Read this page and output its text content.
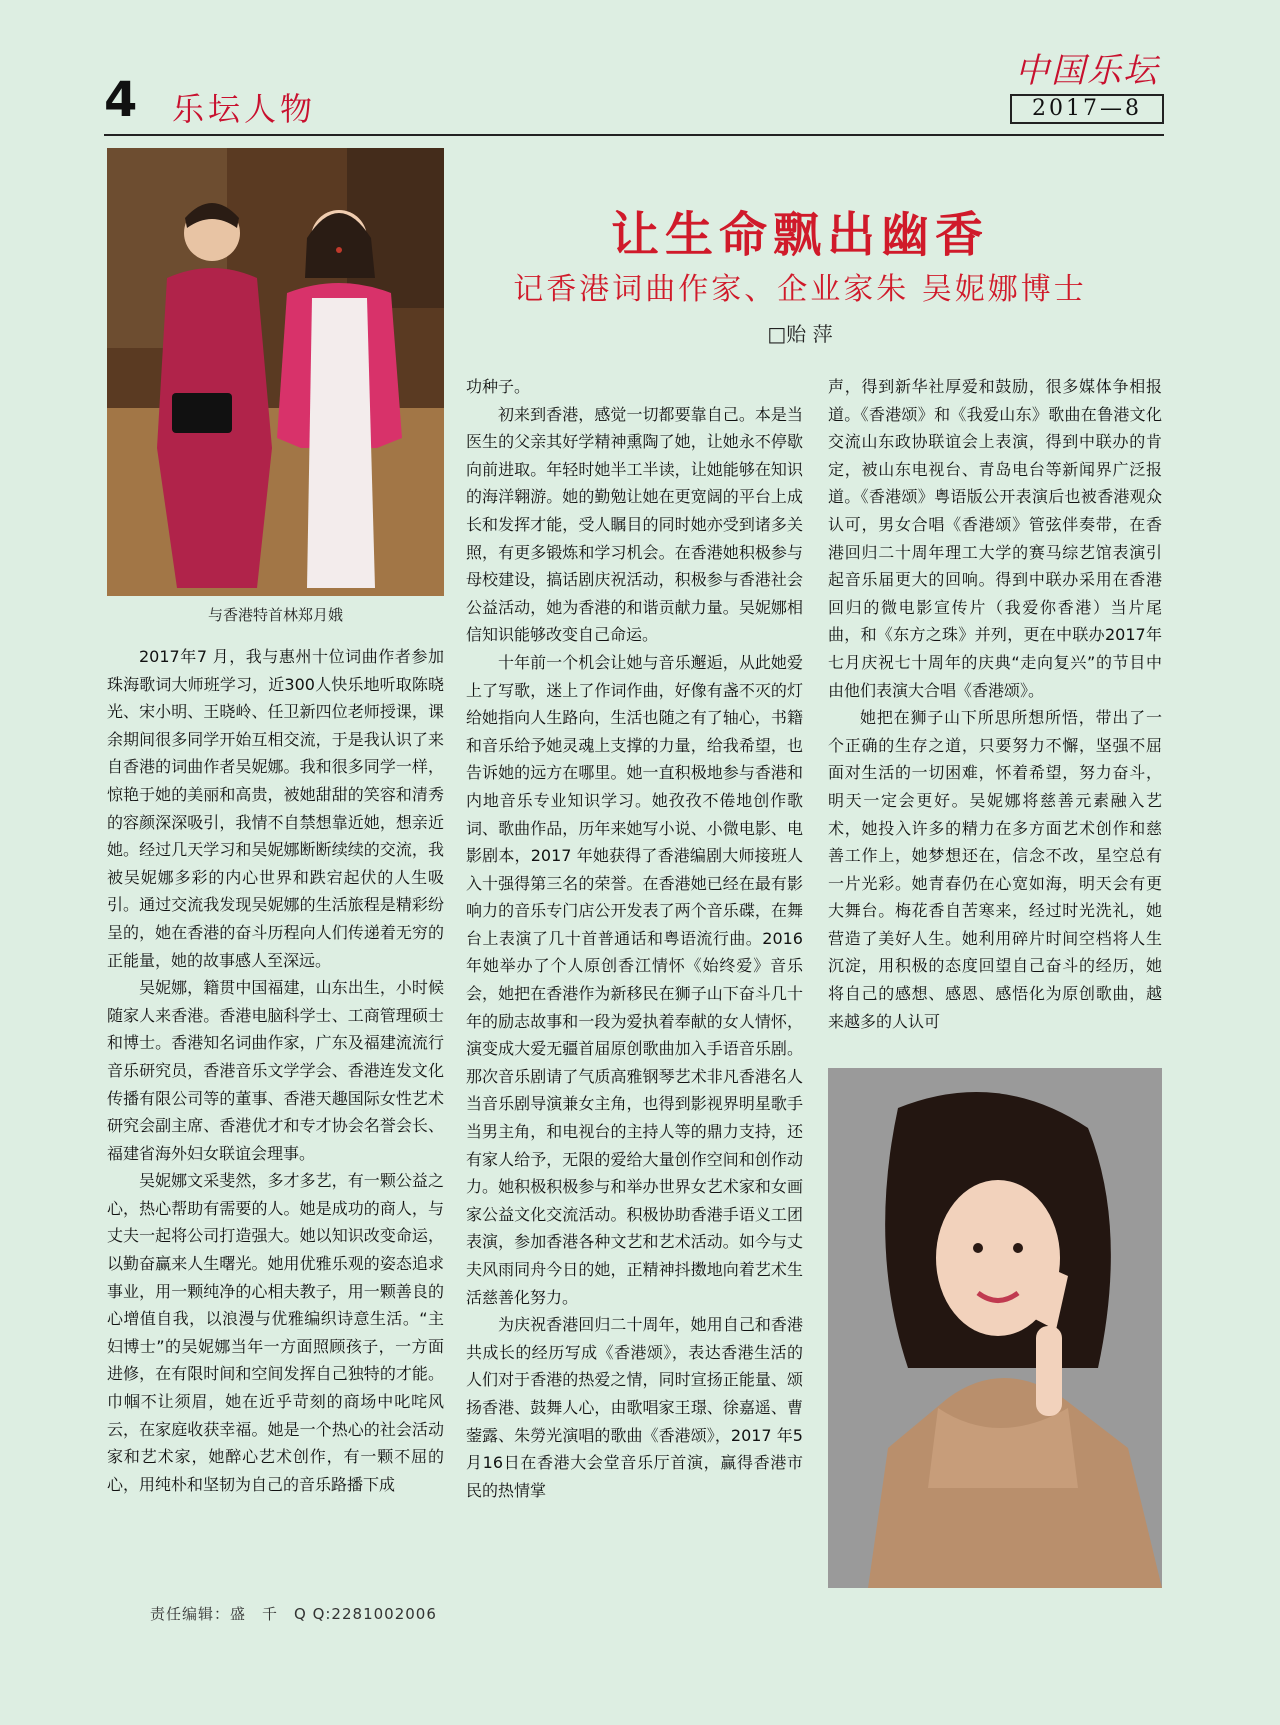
4 乐坛人物
中国乐坛
2017—8
与香港特首林郑月娥
让生命飘出幽香
记香港词曲作家、企业家朱 吴妮娜博士
□贻 萍

2017年7 月，我与惠州十位词曲作者参加珠海歌词大师班学习，近300人快乐地听取陈晓光、宋小明、王晓岭、任卫新四位老师授课，课余期间很多同学开始互相交流，于是我认识了来自香港的词曲作者吴妮娜。我和很多同学一样，惊艳于她的美丽和高贵，被她甜甜的笑容和清秀的容颜深深吸引，我情不自禁想靠近她，想亲近她。经过几天学习和吴妮娜断断续续的交流，我被吴妮娜多彩的内心世界和跌宕起伏的人生吸引。通过交流我发现吴妮娜的生活旅程是精彩纷呈的，她在香港的奋斗历程向人们传递着无穷的正能量，她的故事感人至深远。

吴妮娜，籍贯中国福建，山东出生，小时候随家人来香港。香港电脑科学士、工商管理硕士和博士。香港知名词曲作家，广东及福建流流行音乐研究员，香港音乐文学学会、香港连发文化传播有限公司等的董事、香港天趣国际女性艺术研究会副主席、香港优才和专才协会名誉会长、福建省海外妇女联谊会理事。

吴妮娜文采斐然，多才多艺，有一颗公益之心，热心帮助有需要的人。她是成功的商人，与丈夫一起将公司打造强大。她以知识改变命运，以勤奋赢来人生曙光。她用优雅乐观的姿态追求事业，用一颗纯净的心相夫教子，用一颗善良的心增值自我，以浪漫与优雅编织诗意生活。“主妇博士”的吴妮娜当年一方面照顾孩子，一方面进修，在有限时间和空间发挥自己独特的才能。巾帼不让须眉，她在近乎苛刻的商场中叱咤风云，在家庭收获幸福。她是一个热心的社会活动家和艺术家，她醉心艺术创作，有一颗不屈的心，用纯朴和坚韧为自己的音乐路播下成

功种子。

初来到香港，感觉一切都要靠自己。本是当医生的父亲其好学精神熏陶了她，让她永不停歇向前进取。年轻时她半工半读，让她能够在知识的海洋翱游。她的勤勉让她在更宽阔的平台上成长和发挥才能，受人瞩目的同时她亦受到诸多关照，有更多锻炼和学习机会。在香港她积极参与母校建设，搞话剧庆祝活动，积极参与香港社会公益活动，她为香港的和谐贡献力量。吴妮娜相信知识能够改变自己命运。

十年前一个机会让她与音乐邂逅，从此她爱上了写歌，迷上了作词作曲，好像有盏不灭的灯给她指向人生路向，生活也随之有了轴心，书籍和音乐给予她灵魂上支撑的力量，给我希望，也告诉她的远方在哪里。她一直积极地参与香港和内地音乐专业知识学习。她孜孜不倦地创作歌词、歌曲作品，历年来她写小说、小微电影、电影剧本，2017 年她获得了香港编剧大师接班人入十强得第三名的荣誉。在香港她已经在最有影响力的音乐专门店公开发表了两个音乐碟，在舞台上表演了几十首普通话和粤语流行曲。2016年她举办了个人原创香江情怀《始终爱》音乐会，她把在香港作为新移民在狮子山下奋斗几十年的励志故事和一段为爱执着奉献的女人情怀，演变成大爱无疆首届原创歌曲加入手语音乐剧。那次音乐剧请了气质高雅钢琴艺术非凡香港名人当音乐剧导演兼女主角，也得到影视界明星歌手当男主角，和电视台的主持人等的鼎力支持，还有家人给予，无限的爱给大量创作空间和创作动力。她积极积极参与和举办世界女艺术家和女画家公益文化交流活动。积极协助香港手语义工团表演，参加香港各种文艺和艺术活动。如今与丈夫风雨同舟今日的她，正精神抖擞地向着艺术生活慈善化努力。

为庆祝香港回归二十周年，她用自己和香港共成长的经历写成《香港颂》，表达香港生活的人们对于香港的热爱之情，同时宣扬正能量、颂扬香港、鼓舞人心，由歌唱家王璟、徐嘉遥、曹蓥露、朱勞光演唱的歌曲《香港颂》，2017 年5月16日在香港大会堂音乐厅首演，赢得香港市民的热情掌

声，得到新华社厚爱和鼓励，很多媒体争相报道。《香港颂》和《我爱山东》歌曲在鲁港文化交流山东政协联谊会上表演，得到中联办的肯定，被山东电视台、青岛电台等新闻界广泛报道。《香港颂》粤语版公开表演后也被香港观众认可，男女合唱《香港颂》管弦伴奏带，在香港回归二十周年理工大学的赛马综艺馆表演引起音乐届更大的回响。得到中联办采用在香港回归的微电影宣传片（我爱你香港）当片尾曲，和《东方之珠》并列，更在中联办2017年七月庆祝七十周年的庆典“走向复兴”的节目中由他们表演大合唱《香港颂》。

她把在狮子山下所思所想所悟，带出了一个正确的生存之道，只要努力不懈，坚强不屈面对生活的一切困难，怀着希望，努力奋斗，明天一定会更好。吴妮娜将慈善元素融入艺术，她投入许多的精力在多方面艺术创作和慈善工作上，她梦想还在，信念不改，星空总有一片光彩。她青春仍在心宽如海，明天会有更大舞台。梅花香自苦寒来，经过时光洗礼，她营造了美好人生。她利用碎片时间空档将人生沉淀，用积极的态度回望自己奋斗的经历，她将自己的感想、感恩、感悟化为原创歌曲，越来越多的人认可

责任编辑：盛　千　Q Q:2281002006
